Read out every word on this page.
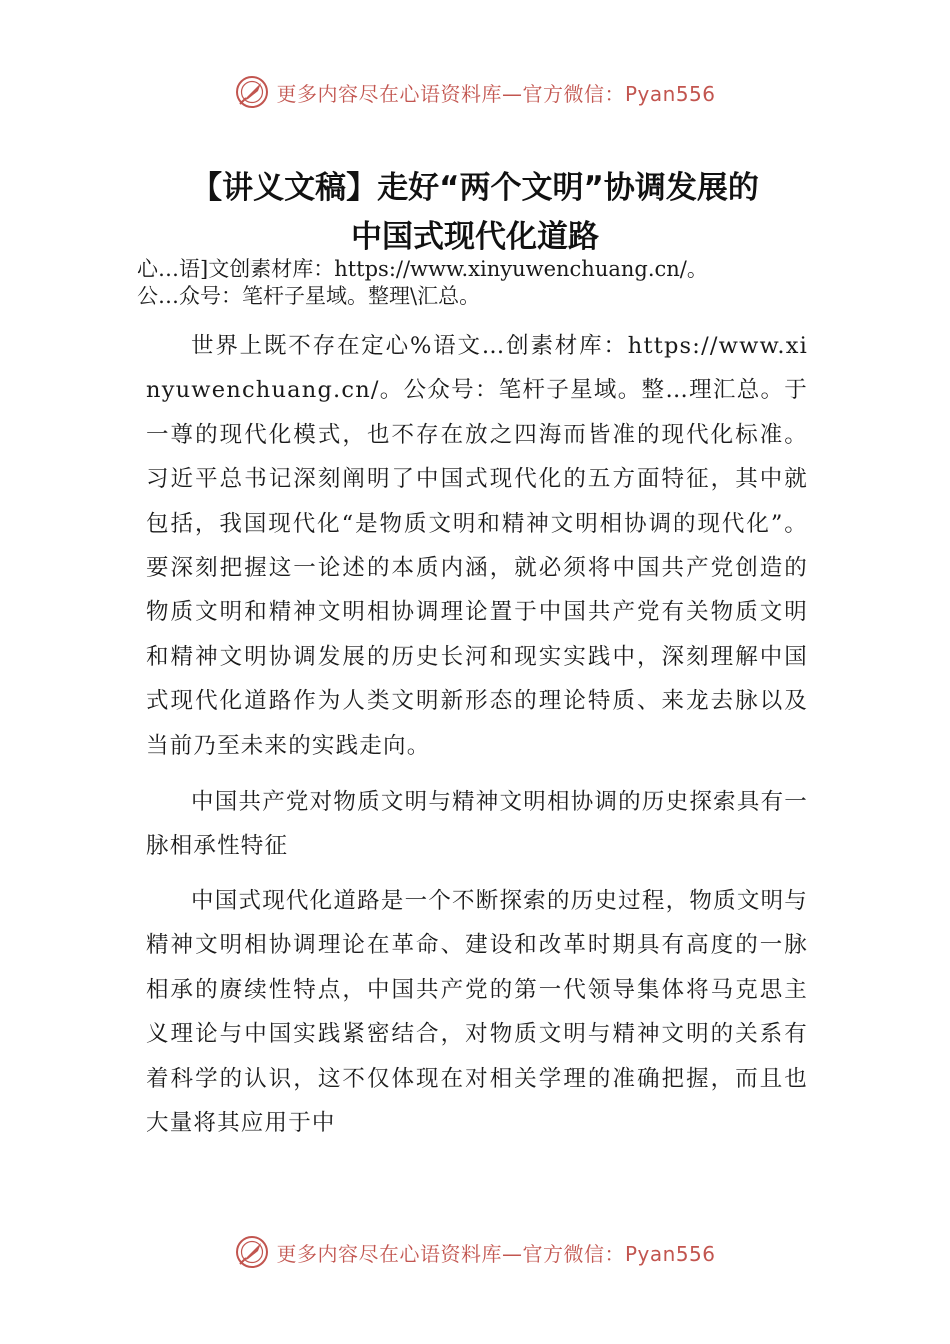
更多内容尽在心语资料库—官方微信：Pyan556
【讲义文稿】走好“两个文明”协调发展的
中国式现代化道路
心…语]文创素材库：https://www.xinyuwenchuang.cn/。
公…众号：笔杆子星域。整理\汇总。

世界上既不存在定心%语文…创素材库：https://www.xinyuwenchuang.cn/。公众号：笔杆子星域。整…理汇总。于一尊的现代化模式，也不存在放之四海而皆准的现代化标准。习近平总书记深刻阐明了中国式现代化的五方面特征，其中就包括，我国现代化“是物质文明和精神文明相协调的现代化”。要深刻把握这一论述的本质内涵，就必须将中国共产党创造的物质文明和精神文明相协调理论置于中国共产党有关物质文明和精神文明协调发展的历史长河和现实实践中，深刻理解中国式现代化道路作为人类文明新形态的理论特质、来龙去脉以及当前乃至未来的实践走向。

中国共产党对物质文明与精神文明相协调的历史探索具有一脉相承性特征

中国式现代化道路是一个不断探索的历史过程，物质文明与精神文明相协调理论在革命、建设和改革时期具有高度的一脉相承的赓续性特点，中国共产党的第一代领导集体将马克思主义理论与中国实践紧密结合，对物质文明与精神文明的关系有着科学的认识，这不仅体现在对相关学理的准确把握，而且也大量将其应用于中

更多内容尽在心语资料库—官方微信：Pyan556
